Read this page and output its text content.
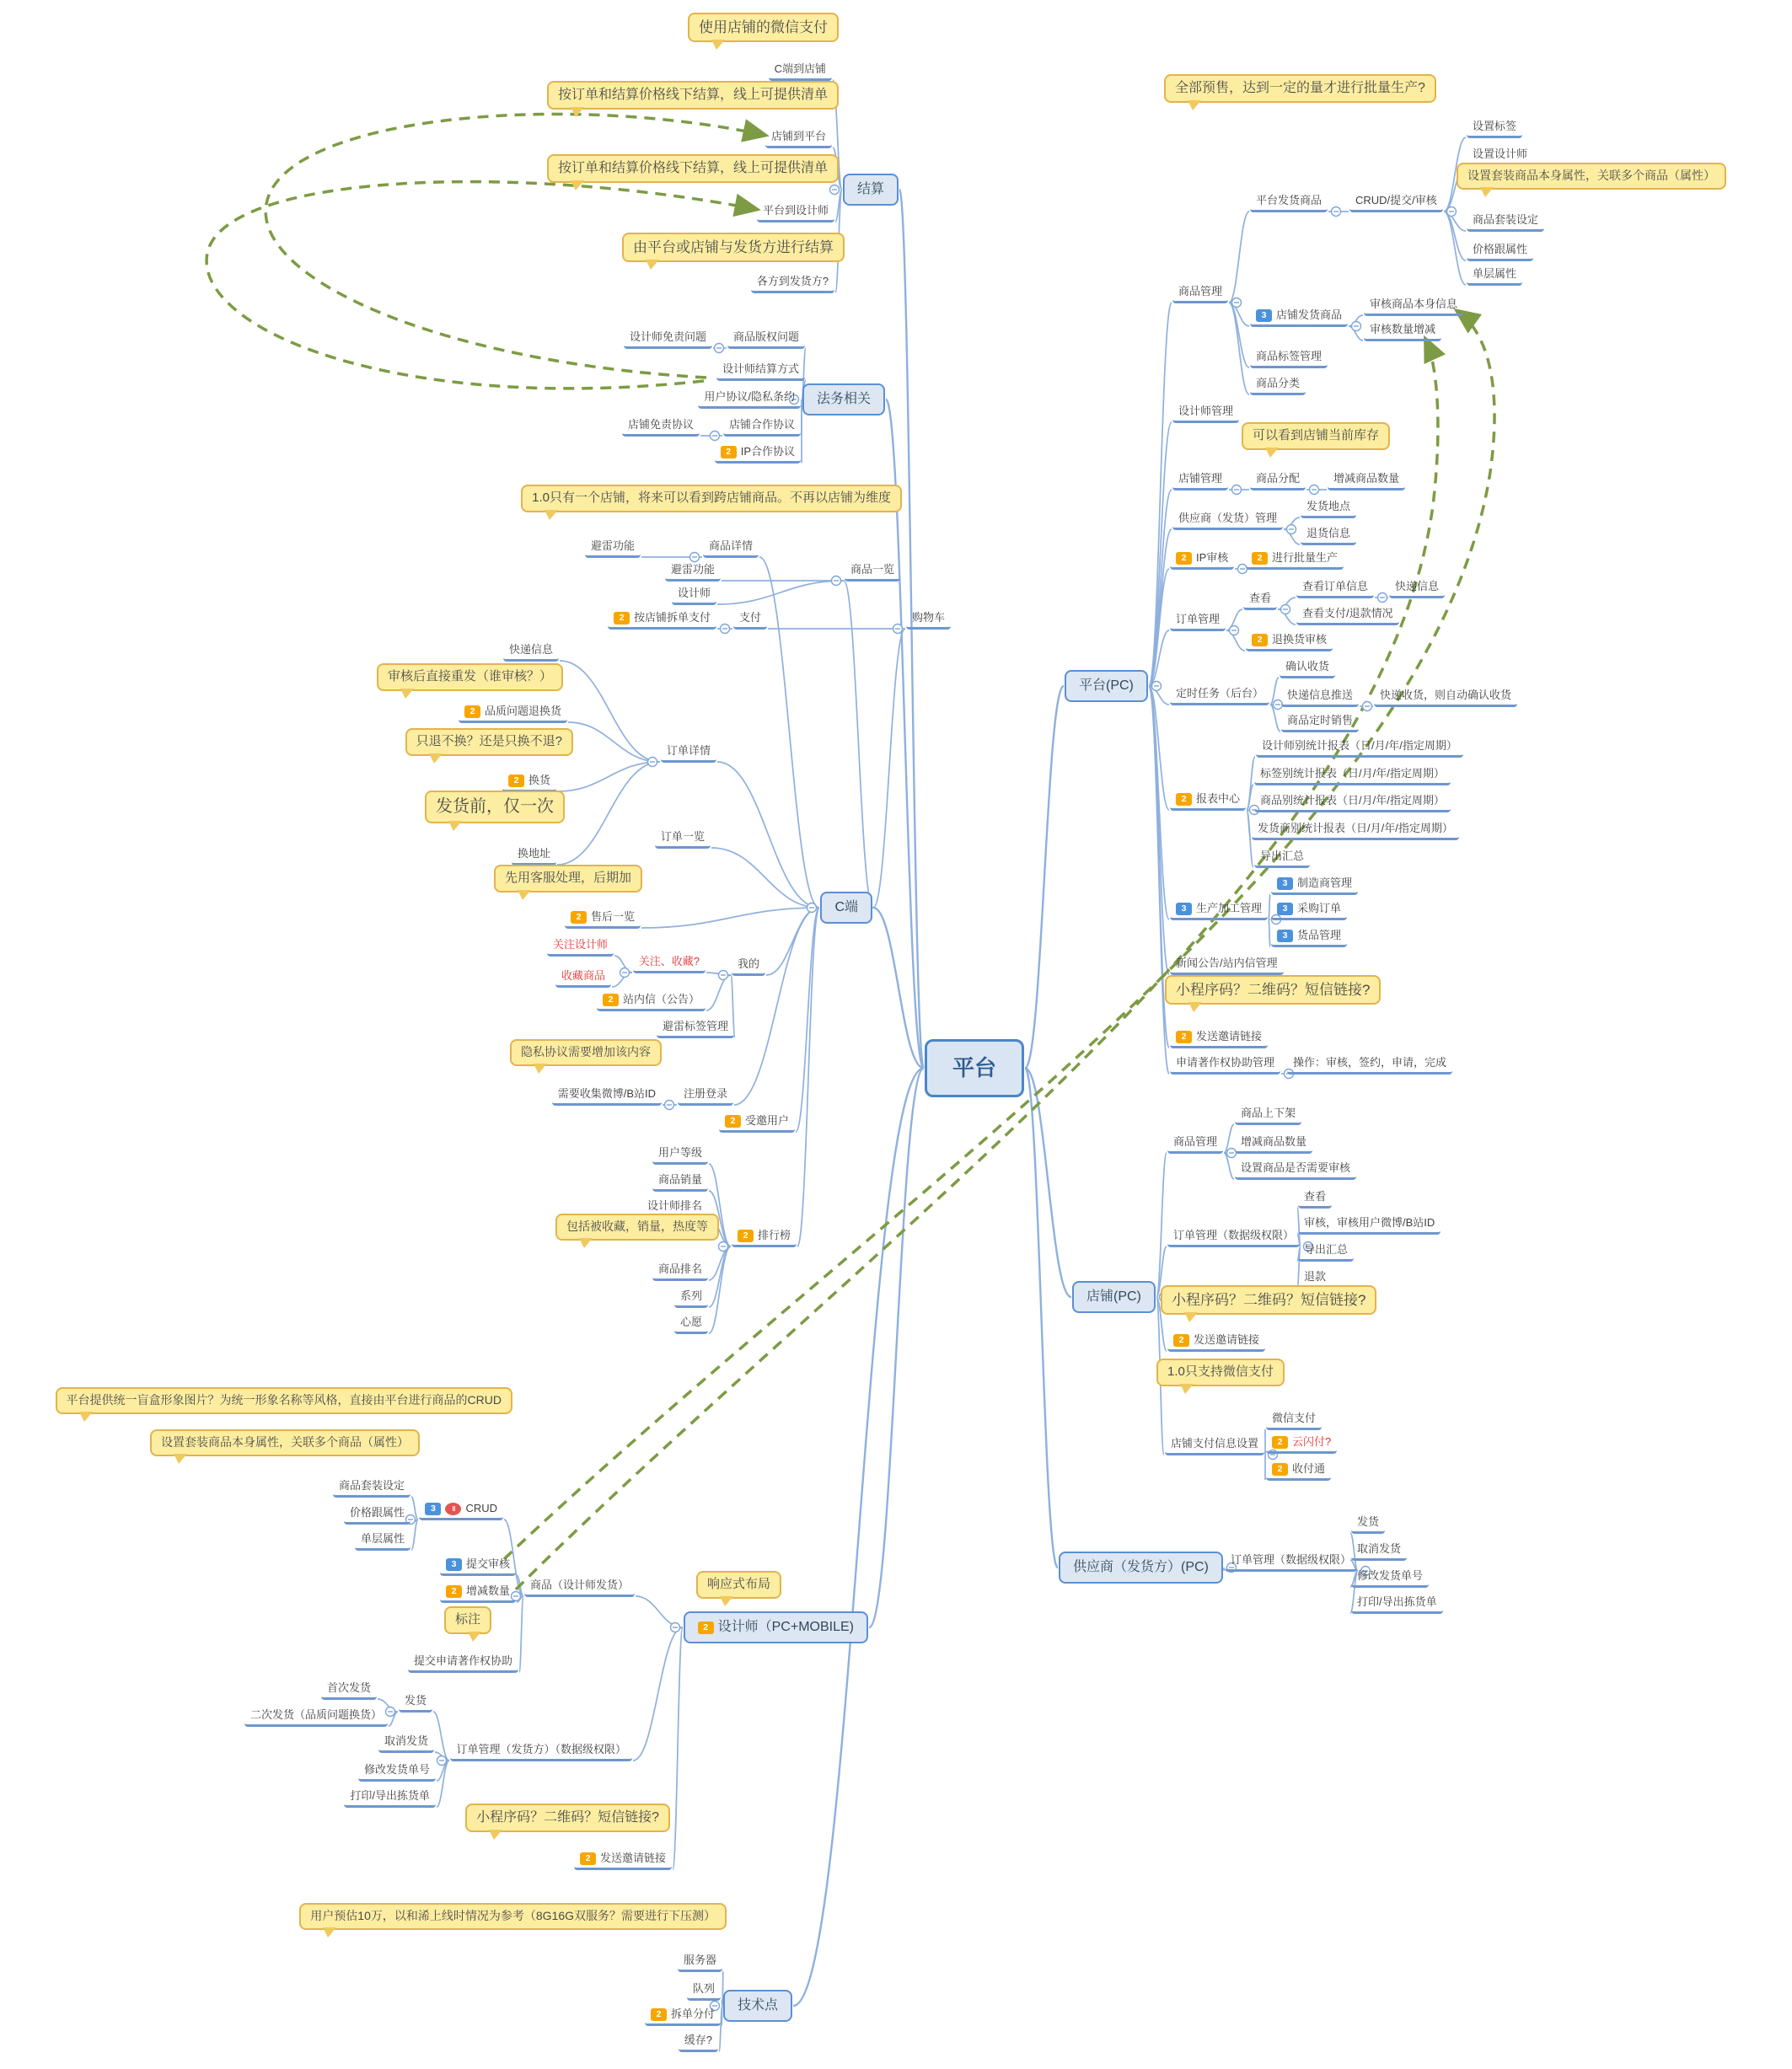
平台
结算
使用店铺的微信支付
C端到店铺
按订单和结算价格线下结算，线上可提供清单
店铺到平台
按订单和结算价格线下结算，线上可提供清单
平台到设计师
由平台或店铺与发货方进行结算
各方到发货方?
法务相关
商品版权问题
设计师免责问题
设计师结算方式
用户协议/隐私条约
店铺合作协议
店铺免责协议
2 IP合作协议
C端
1.0只有一个店铺，将来可以看到跨店铺商品。不再以店铺为维度
商品详情
避雷功能
商品一览
避雷功能
设计师
购物车
支付
2 按店铺拆单支付
快递信息
审核后直接重发（谁审核？）
2 品质问题退换货
只退不换？还是只换不退?
2 换货
发货前，仅一次
换地址
订单详情
订单一览
先用客服处理，后期加
2 售后一览
关注设计师
收藏商品
关注、收藏?	我的
2 站内信（公告）
避雷标签管理
隐私协议需要增加该内容
需要收集微博/B站ID	注册登录
2 受邀用户
用户等级
商品销量
设计师排名
包括被收藏，销量，热度等
2 排行榜
商品排名
系列
心愿
平台(PC)
全部预售，达到一定的量才进行批量生产?
商品管理
平台发货商品	CRUD/提交/审核
设置标签
设置设计师
设置套装商品本身属性，关联多个商品（属性）
商品套装设定
价格跟属性
单层属性
3 店铺发货商品
审核商品本身信息
审核数量增减
商品标签管理
商品分类
设计师管理
可以看到店铺当前库存
店铺管理	商品分配	增减商品数量
供应商（发货）管理
发货地点
退货信息
2 IP审核	2 进行批量生产
订单管理
查看
查看订单信息	快递信息
查看支付/退款情况
2 退换货审核
定时任务（后台）
确认收货
快递信息推送	快递收货，则自动确认收货
商品定时销售
2 报表中心
设计师别统计报表（日/月/年/指定周期）
标签别统计报表（日/月/年/指定周期）
商品别统计报表（日/月/年/指定周期）
发货商别统计报表（日/月/年/指定周期）
导出汇总
3 生产加工管理
3 制造商管理
3 采购订单
3 货品管理
新闻公告/站内信管理
小程序码？二维码？短信链接?
2 发送邀请链接
申请著作权协助管理	操作：审核，签约，申请，完成
店铺(PC)
商品管理
商品上下架
增减商品数量
设置商品是否需要审核
订单管理（数据级权限）
查看
审核，审核用户微博/B站ID
导出汇总
退款
小程序码？二维码？短信链接?
2 发送邀请链接
1.0只支持微信支付
店铺支付信息设置
微信支付
2 云闪付?
2 收付通
供应商（发货方）(PC)
订单管理（数据级权限）
发货
取消发货
修改发货单号
打印/导出拣货单
2 设计师（PC+MOBILE)
响应式布局
商品（设计师发货）
3 ‖ CRUD
平台提供统一盲盒形象图片？为统一形象名称等风格，直接由平台进行商品的CRUD
设置套装商品本身属性，关联多个商品（属性）
商品套装设定
价格跟属性
单层属性
3 提交审核
2 增减数量
标注
提交申请著作权协助
订单管理（发货方）（数据级权限）
发货
首次发货
二次发货（品质问题换货）
取消发货
修改发货单号
打印/导出拣货单
小程序码？二维码？短信链接?
2 发送邀请链接
技术点
用户预估10万，以和浠上线时情况为参考（8G16G双服务？需要进行下压测）
服务器
队列
2 拆单分付
缓存?
